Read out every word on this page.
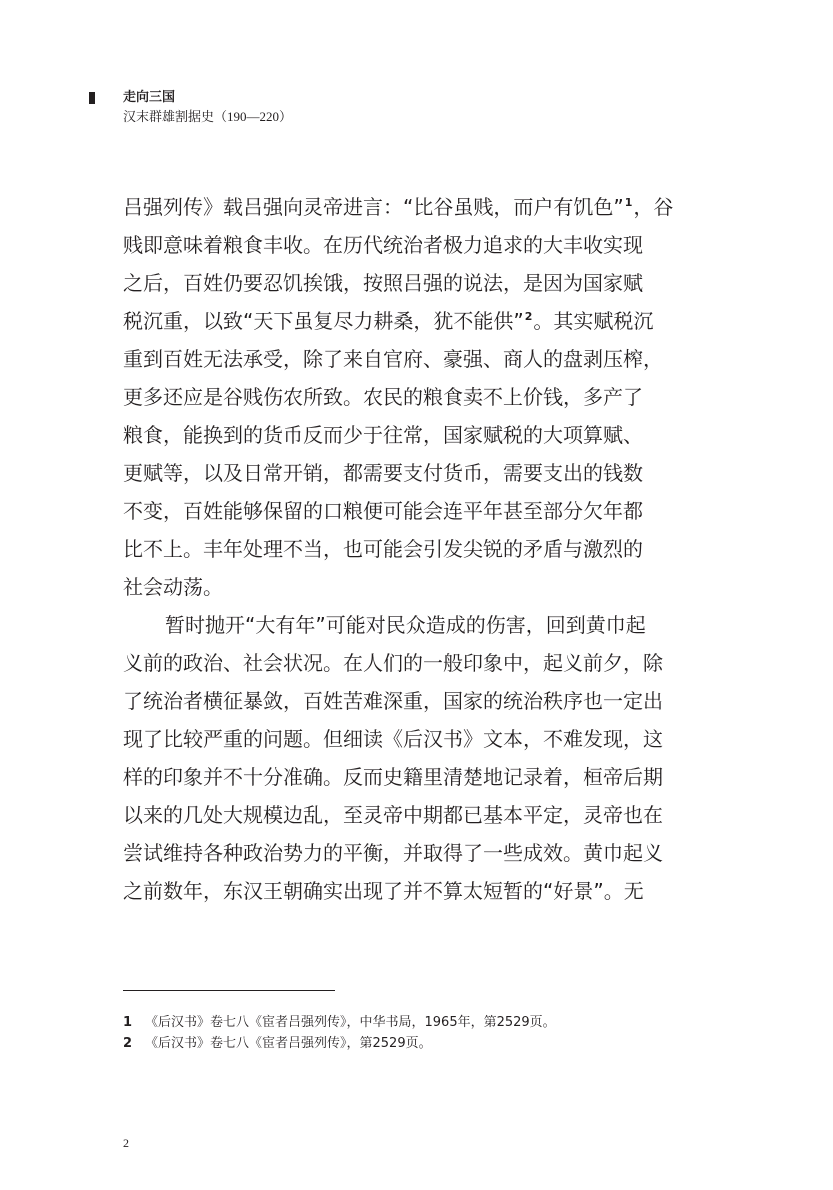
走向三国
汉末群雄割据史（190—220）

吕强列传》载吕强向灵帝进言：“比谷虽贱，而户有饥色”$^1$，谷

贱即意味着粮食丰收。在历代统治者极力追求的大丰收实现

之后，百姓仍要忍饥挨饿，按照吕强的说法，是因为国家赋

税沉重，以致“天下虽复尽力耕桑，犹不能供”$^2$。其实赋税沉

重到百姓无法承受，除了来自官府、豪强、商人的盘剥压榨，

更多还应是谷贱伤农所致。农民的粮食卖不上价钱，多产了

粮食，能换到的货币反而少于往常，国家赋税的大项算赋、

更赋等，以及日常开销，都需要支付货币，需要支出的钱数

不变，百姓能够保留的口粮便可能会连平年甚至部分欠年都

比不上。丰年处理不当，也可能会引发尖锐的矛盾与激烈的

社会动荡。

暂时抛开“大有年”可能对民众造成的伤害，回到黄巾起

义前的政治、社会状况。在人们的一般印象中，起义前夕，除

了统治者横征暴敛，百姓苦难深重，国家的统治秩序也一定出

现了比较严重的问题。但细读《后汉书》文本，不难发现，这

样的印象并不十分准确。反而史籍里清楚地记录着，桓帝后期

以来的几处大规模边乱，至灵帝中期都已基本平定，灵帝也在

尝试维持各种政治势力的平衡，并取得了一些成效。黄巾起义

之前数年，东汉王朝确实出现了并不算太短暂的“好景”。无

1 《后汉书》卷七八《宦者吕强列传》，中华书局，1965年，第2529页。
2 《后汉书》卷七八《宦者吕强列传》，第2529页。
2
